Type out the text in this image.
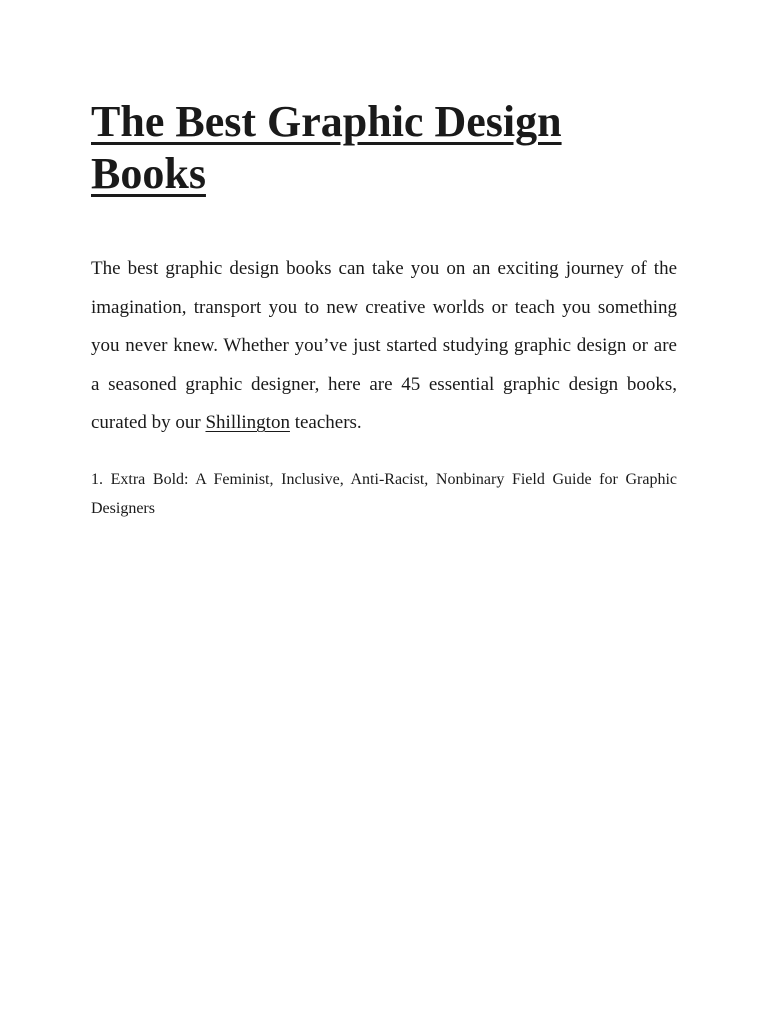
The Best Graphic Design Books

The best graphic design books can take you on an exciting journey of the imagination, transport you to new creative worlds or teach you something you never knew. Whether you’ve just started studying graphic design or are a seasoned graphic designer, here are 45 essential graphic design books, curated by our Shillington teachers.

1. Extra Bold: A Feminist, Inclusive, Anti-Racist, Nonbinary Field Guide for Graphic Designers
